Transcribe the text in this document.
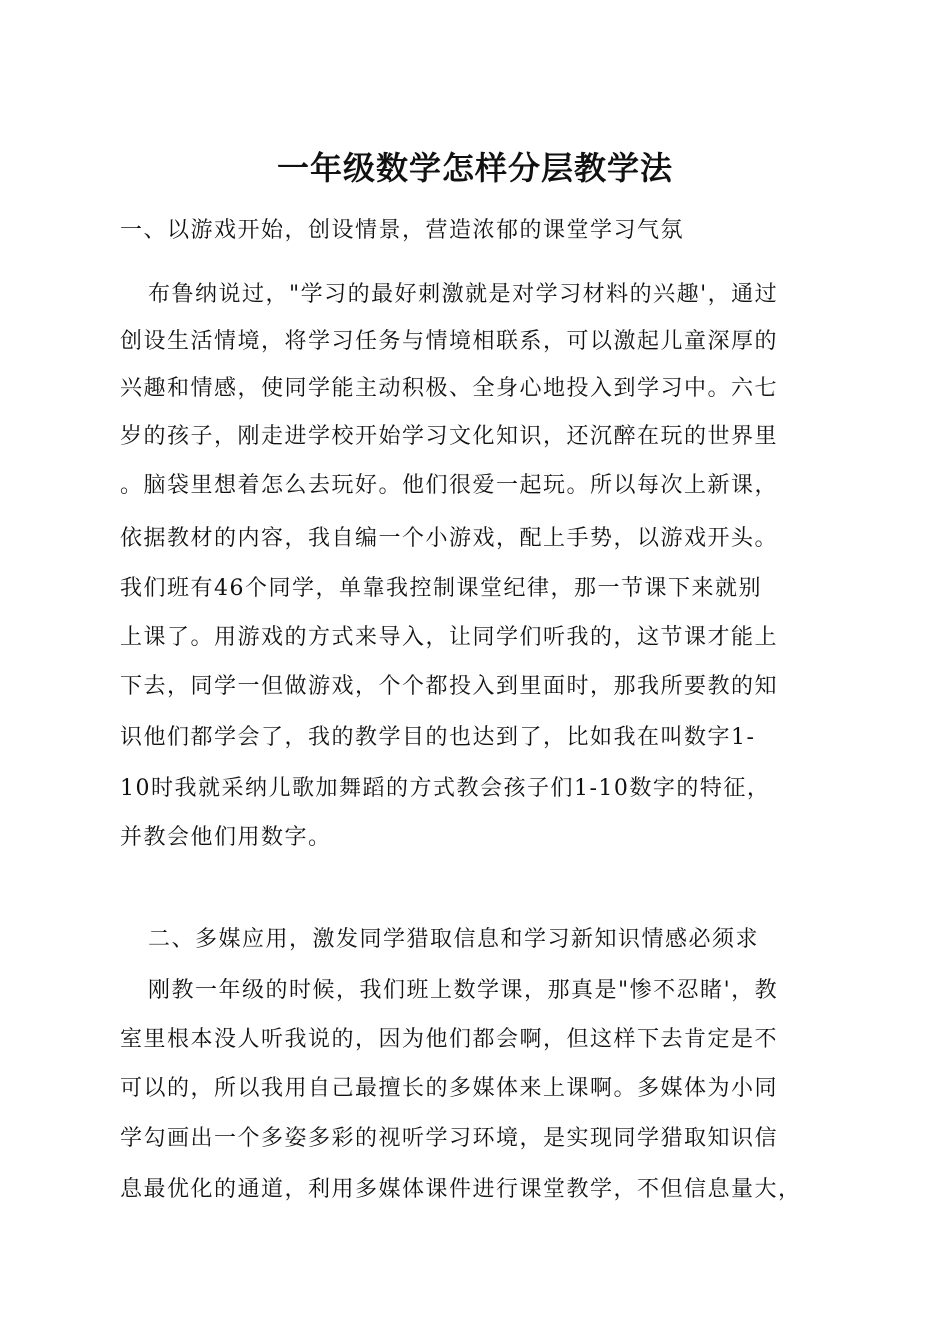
一年级数学怎样分层教学法
一、以游戏开始，创设情景，营造浓郁的课堂学习气氛
布鲁纳说过，"学习的最好刺激就是对学习材料的兴趣'，通过
创设生活情境，将学习任务与情境相联系，可以激起儿童深厚的
兴趣和情感，使同学能主动积极、全身心地投入到学习中。六七
岁的孩子，刚走进学校开始学习文化知识，还沉醉在玩的世界里
。脑袋里想着怎么去玩好。他们很爱一起玩。所以每次上新课，
依据教材的内容，我自编一个小游戏，配上手势，以游戏开头。
我们班有46个同学，单靠我控制课堂纪律，那一节课下来就别
上课了。用游戏的方式来导入，让同学们听我的，这节课才能上
下去，同学一但做游戏，个个都投入到里面时，那我所要教的知
识他们都学会了，我的教学目的也达到了，比如我在叫数字1-
10时我就采纳儿歌加舞蹈的方式教会孩子们1-10数字的特征，
并教会他们用数字。
二、多媒应用，激发同学猎取信息和学习新知识情感必须求
刚教一年级的时候，我们班上数学课，那真是"惨不忍睹'，教
室里根本没人听我说的，因为他们都会啊，但这样下去肯定是不
可以的，所以我用自己最擅长的多媒体来上课啊。多媒体为小同
学勾画出一个多姿多彩的视听学习环境，是实现同学猎取知识信
息最优化的通道，利用多媒体课件进行课堂教学，不但信息量大，
